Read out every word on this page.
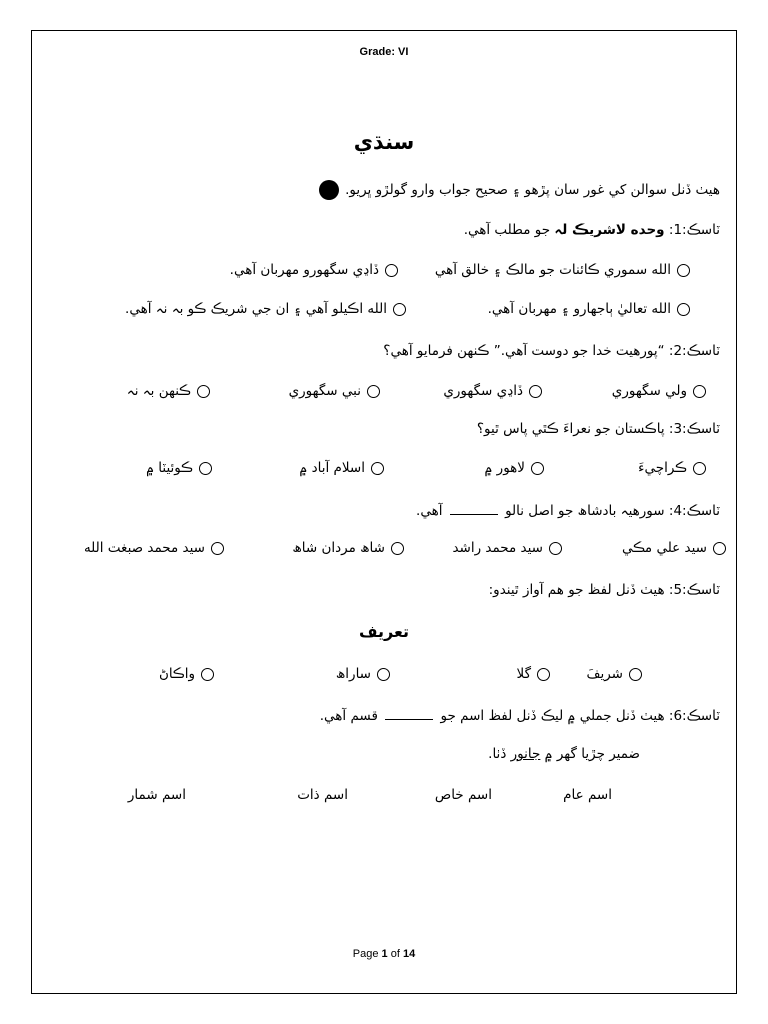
Grade: VI
سنڌي
هيٺ ڏنل سوالن کي غور سان پڙهو ۽ صحيح جواب وارو گولڙو ڀريو.
ٽاسڪ:1: وحده لاشريڪ لہ جو مطلب آهي.
الله سموري ڪائنات جو مالڪ ۽ خالق آهي
ڏاڍي سگھورو مهربان آهي.
الله تعاليٰ ٻاجهارو ۽ مهربان آهي.
الله اڪيلو آهي ۽ ان جي شريڪ ڪو بہ نہ آهي.
ٽاسڪ:2: “پورهيت خدا جو دوست آهي.” ڪنهن فرمايو آهي؟
ولي سگھوري
ڏاڍي سگھوري
نبي سگھوري
ڪنهن بہ نہ
ٽاسڪ:3: پاڪستان جو نعراءَ ڪٿي پاس ٿيو؟
ڪراچيءَ
لاهور ۾
اسلام آباد ۾
ڪوئيٽا ۾
ٽاسڪ:4: سورهيہ بادشاھ جو اصل نالو  آهي.
سيد علي مڪي
سيد محمد راشد
شاھ مردان شاھ
سيد محمد صبغت الله
ٽاسڪ:5: هيٺ ڏنل لفظ جو هم آواز ٿيندو:
تعريف
شريفَ
گلا
ساراھ
واڪاڻ
ٽاسڪ:6: هيٺ ڏنل جملي ۾ ليڪ ڏنل لفظ اسم جو  قسم آهي.
ضمير چڙيا گھر ۾ جانور ڏٺا.
اسم عام
اسم خاص
اسم ذات
اسم شمار
Page 1 of 14
